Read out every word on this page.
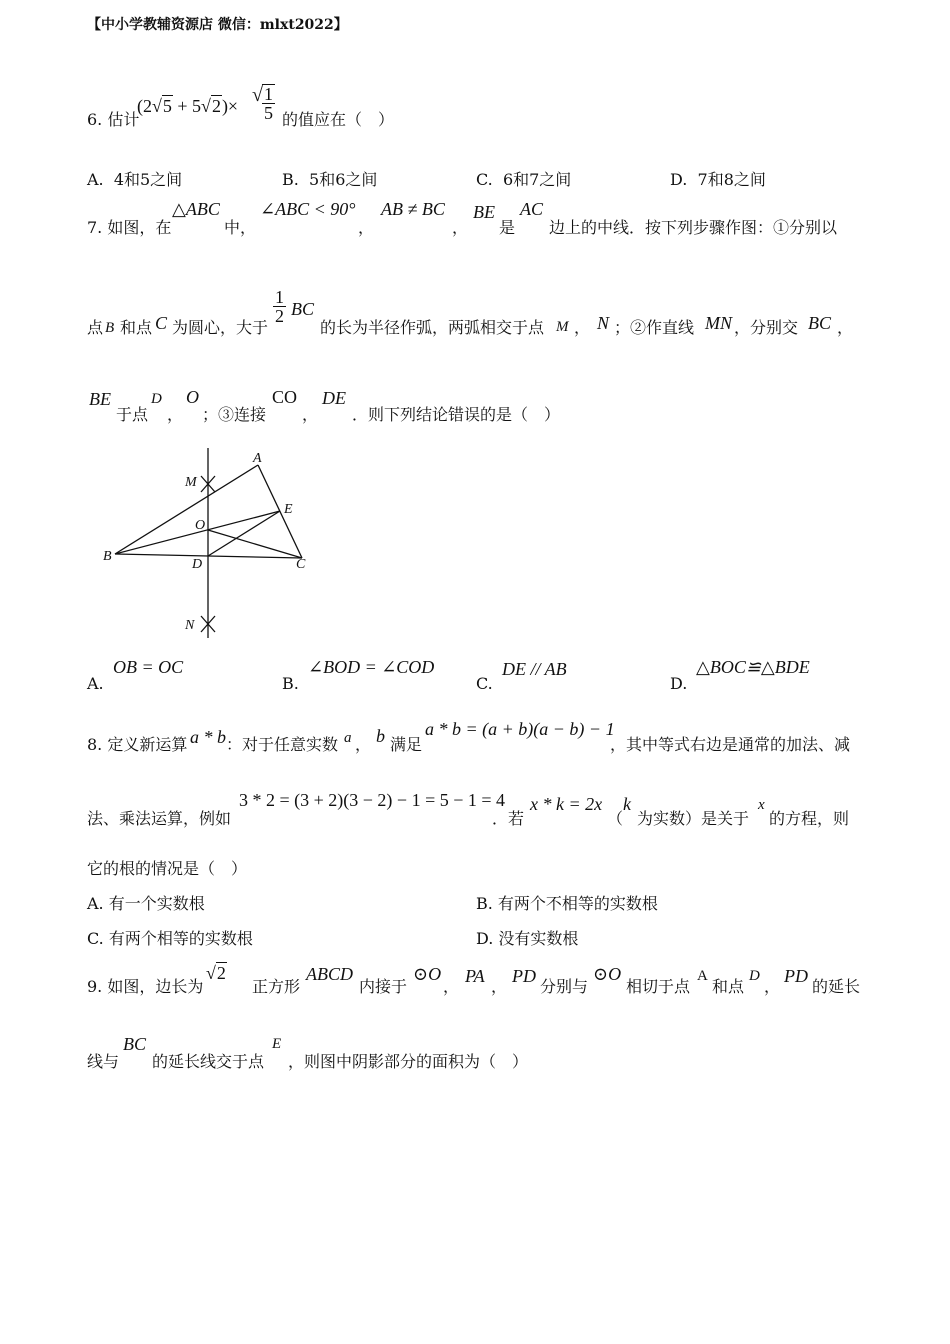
【中小学教辅资源店 微信：mlxt2022】
6. 估计
(2√5 + 5√2)× √ $\frac{1}{5}$ 的值应在（　）
A. 4和5之间	B. 5和6之间	C. 6和7之间	D. 7和8之间
7. 如图，在
△ABC
中，
∠ABC < 90°
，
AB ≠ BC
，
BE
是
AC
边上的中线．按下列步骤作图：①分别以
点 B 和点 C 为圆心，大于
$\frac{1}{2}$ BC
的长为半径作弧，两弧相交于点 M ， N ；②作直线 MN ，分别交 BC ，
BE
于点
D
，
O
；③连接
CO
，
DE
．则下列结论错误的是（　）
A
B
C
D
E
M
N
O
A.
OB = OC
B.
∠BOD = ∠COD
C.
DE // AB
D.
△BOC≌△BDE
8. 定义新运算 a * b ：对于任意实数 a ， b 满足
a * b = (a + b)(a − b) − 1
，其中等式右边是通常的加法、减
法、乘法运算，例如
3 * 2 = (3 + 2)(3 − 2) − 1 = 5 − 1 = 4
．若
x * k = 2x
（
k
为实数）是关于
x
的方程，则
它的根的情况是（　）
A. 有一个实数根	B. 有两个不相等的实数根
C. 有两个相等的实数根	D. 没有实数根
9. 如图，边长为
√2
正方形
ABCD
内接于
⊙O
，
PA
，
PD
分别与
⊙O
相切于点
A
和点
D
，
PD
的延长
线与
BC
的延长线交于点
E
，则图中阴影部分的面积为（　）
